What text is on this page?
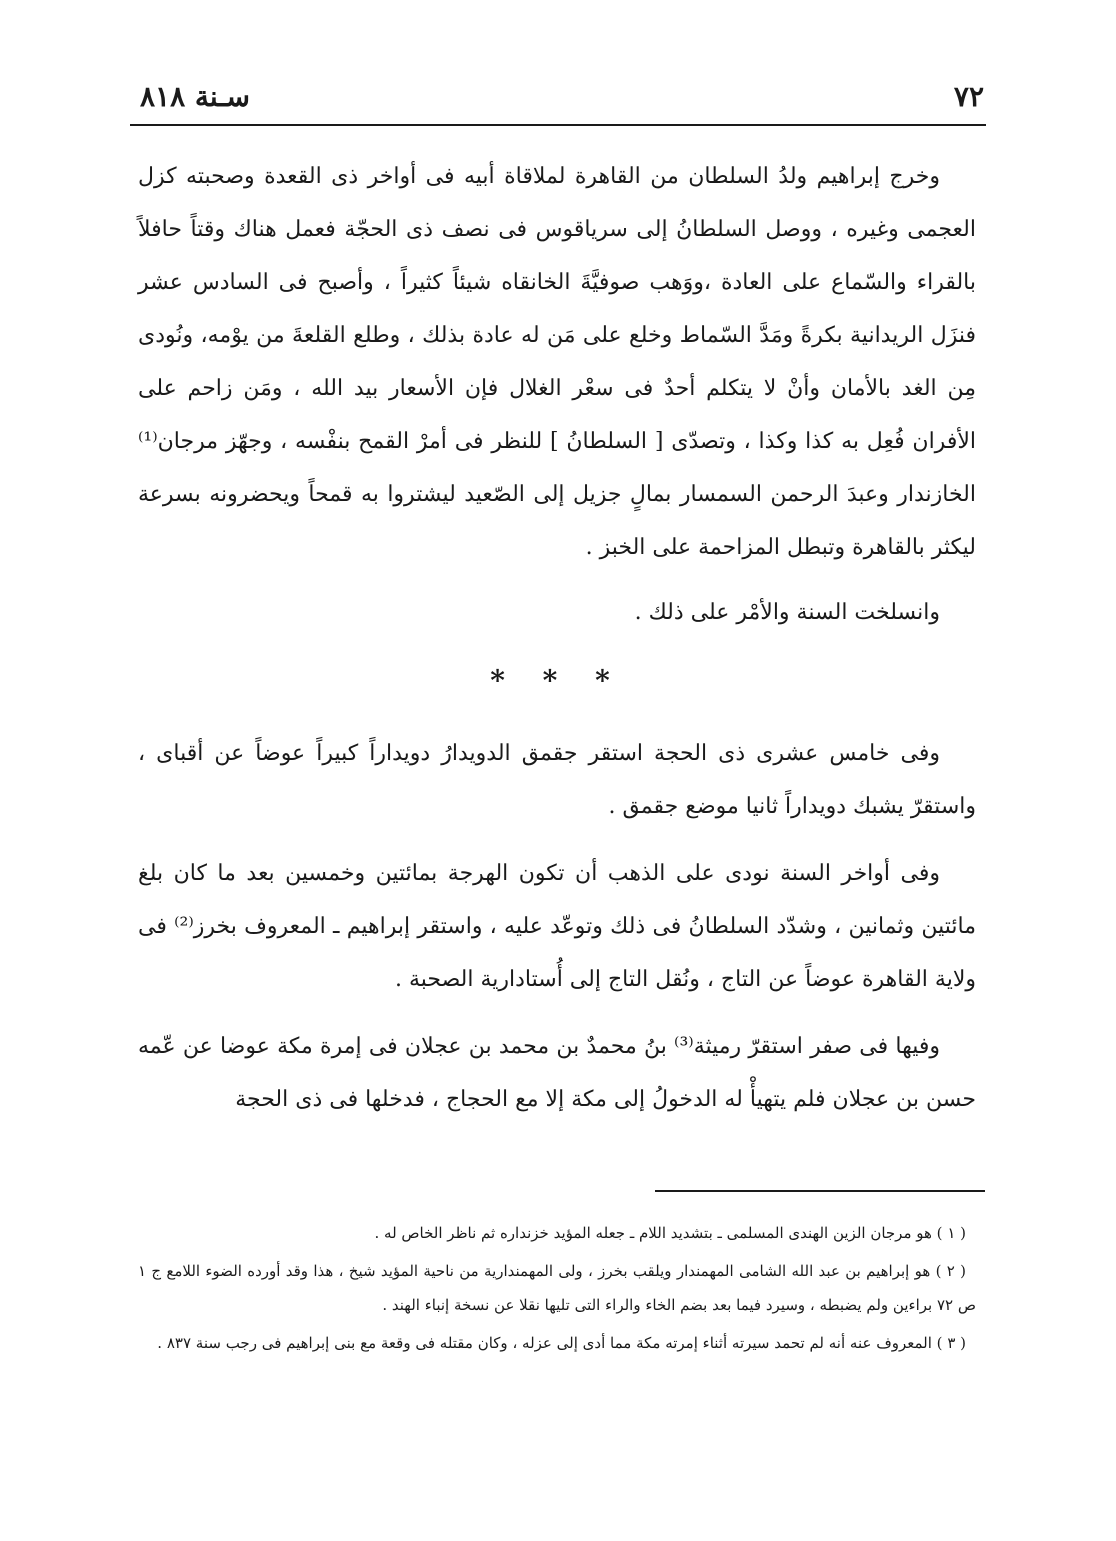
٧٢
سـنة ٨١٨

وخرج إبراهيم ولدُ السلطان من القاهرة لملاقاة أبيه فى أواخر ذى القعدة وصحبته كزل العجمى وغيره ، ووصل السلطانُ إلى سرياقوس فى نصف ذى الحجّة فعمل هناك وقتاً حافلاً بالقراء والسّماع على العادة ،ووَهب صوفيَّةَ الخانقاه شيئاً كثيراً ، وأصبح فى السادس عشر فنزَل الريدانية بكرةً ومَدَّ السّماط وخلع على مَن له عادة بذلك ، وطلع القلعةَ من يوْمه، ونُودى مِن الغد بالأمان وأنْ لا يتكلم أحدٌ فى سعْر الغلال فإن الأسعار بيد الله ، ومَن زاحم على الأفران فُعِل به كذا وكذا ، وتصدّى [ السلطانُ ] للنظر فى أمرْ القمح بنفْسه ، وجهّز مرجان⁽¹⁾ الخازندار وعبدَ الرحمن السمسار بمالٍ جزيل إلى الصّعيد ليشتروا به قمحاً ويحضرونه بسرعة ليكثر بالقاهرة وتبطل المزاحمة على الخبز .

وانسلخت السنة والأمْر على ذلك .

* * *

وفى خامس عشرى ذى الحجة استقر جقمق الدويدارُ دويداراً كبيراً عوضاً عن أقباى ، واستقرّ يشبك دويداراً ثانيا موضع جقمق .

وفى أواخر السنة نودى على الذهب أن تكون الهرجة بمائتين وخمسين بعد ما كان بلغ مائتين وثمانين ، وشدّد السلطانُ فى ذلك وتوعّد عليه ، واستقر إبراهيم ـ المعروف بخرز⁽²⁾ فى ولاية القاهرة عوضاً عن التاج ، ونُقل التاج إلى أُستادارية الصحبة .

وفيها فى صفر استقرّ رميثة⁽³⁾ بنُ محمدٌ بن محمد بن عجلان فى إمرة مكة عوضا عن عّمه حسن بن عجلان فلم يتهيأْ له الدخولُ إلى مكة إلا مع الحجاج ، فدخلها فى ذى الحجة

( ١ ) هو مرجان الزين الهندى المسلمى ـ بتشديد اللام ـ جعله المؤيد خزنداره ثم ناظر الخاص له .

( ٢ ) هو إبراهيم بن عبد الله الشامى المهمندار ويلقب بخرز ، ولى المهمندارية من ناحية المؤيد شيخ ، هذا وقد أورده الضوء اللامع ج ١ ص ٧٢ براءين ولم يضبطه ، وسيرد فيما بعد بضم الخاء والراء التى تليها نقلا عن نسخة إنباء الهند .

( ٣ ) المعروف عنه أنه لم تحمد سيرته أثناء إمرته مكة مما أدى إلى عزله ، وكان مقتله فى وقعة مع بنى إبراهيم فى رجب سنة ٨٣٧ .
